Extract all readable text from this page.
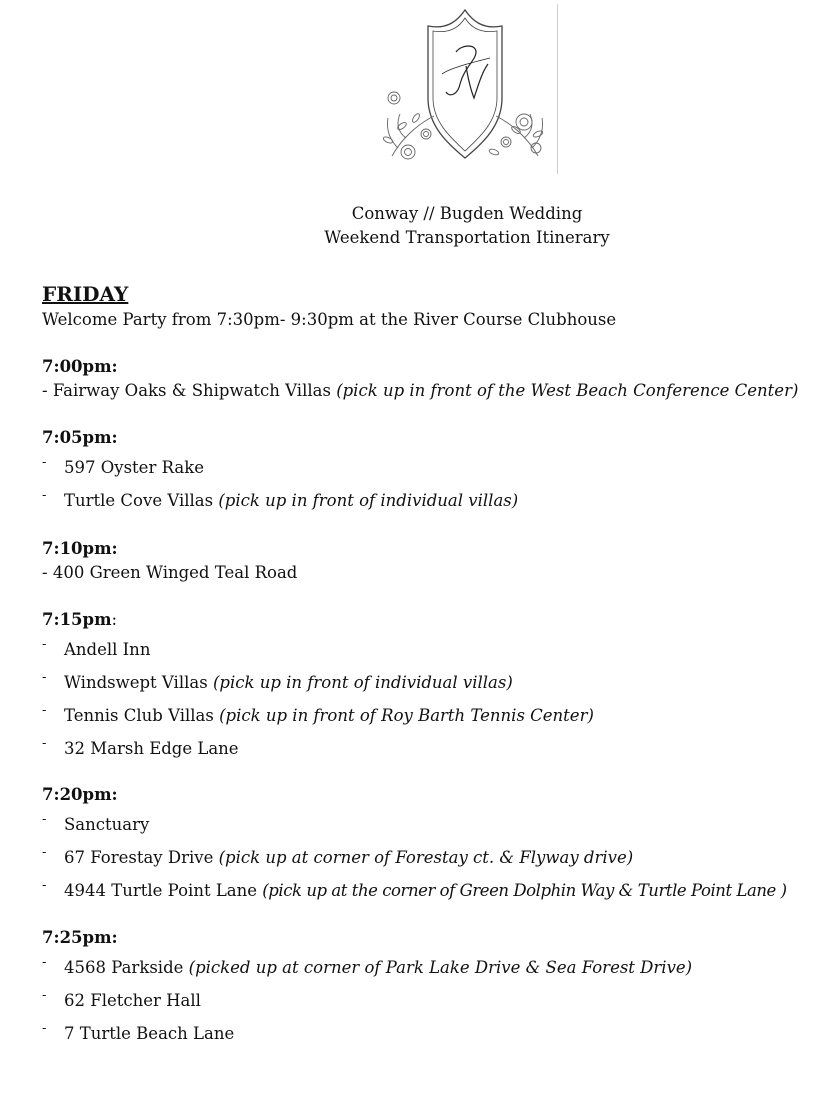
Conway // Bugden Wedding
Weekend Transportation Itinerary
FRIDAY
Welcome Party from 7:30pm- 9:30pm at the River Course Clubhouse
7:00pm:
- Fairway Oaks & Shipwatch Villas (pick up in front of the West Beach Conference Center)
7:05pm:
- 597 Oyster Rake
- Turtle Cove Villas (pick up in front of individual villas)
7:10pm:
- 400 Green Winged Teal Road
7:15pm:
- Andell Inn
- Windswept Villas (pick up in front of individual villas)
- Tennis Club Villas (pick up in front of Roy Barth Tennis Center)
- 32 Marsh Edge Lane
7:20pm:
- Sanctuary
- 67 Forestay Drive (pick up at corner of Forestay ct. & Flyway drive)
- 4944 Turtle Point Lane (pick up at the corner of Green Dolphin Way & Turtle Point Lane )
7:25pm:
- 4568 Parkside (picked up at corner of Park Lake Drive & Sea Forest Drive)
- 62 Fletcher Hall
- 7 Turtle Beach Lane
